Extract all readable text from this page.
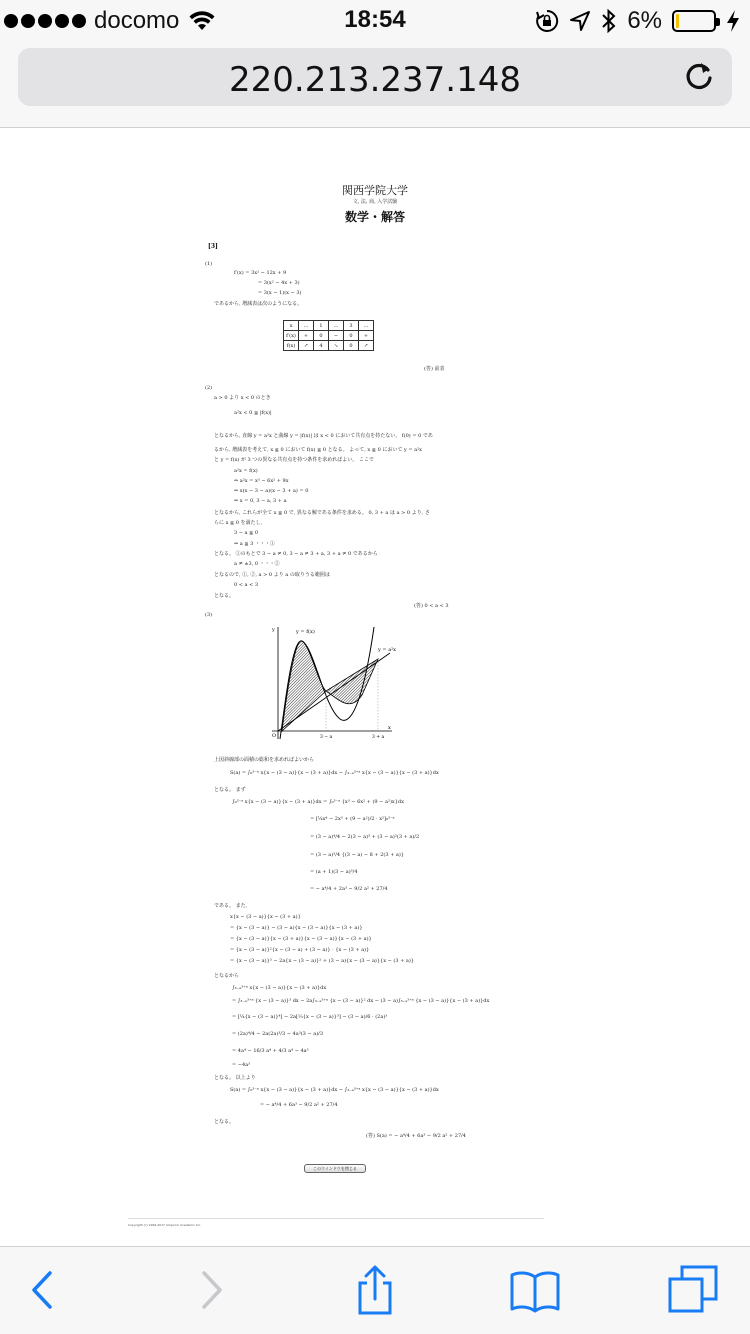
docomo	18:54	6%
220.213.237.148
関西学院大学
文, 法, 商, 入学試験
数学・解答
[3]
(1)
f′(x) = 3x² − 12x + 9
= 3(x² − 4x + 3)
= 3(x − 1)(x − 3)
であるから, 増減表は次のようになる。
x	…	1	…	3	…
f′(x)	+	0	−	0	+
f(x)	↗	4	↘	0	↗
(答) 前表
(2)
a > 0 より x < 0 のとき
a²x < 0 ≦ |f(x)|
となるから, 直線 y = a²x と曲線 y = |f(x)| は x < 0 において共有点を持たない。 f(0) = 0 であ
るから, 増減表を考えて, x ≧ 0 において f(x) ≧ 0 となる。 よって, x ≧ 0 において y = a²x
と y = f(x) が 3 つの異なる共有点を持つ条件を求めればよい。 ここで
a²x = f(x)
⇔ a²x = x³ − 6x² + 9x
⇔ x(x − 3 − a)(x − 3 + a) = 0
⇔ x = 0, 3 − a, 3 + a
となるから, これらが全て x ≧ 0 で, 異なる解である条件を求める。 0, 3 + a は a > 0 より, さ
らに x ≧ 0 を満たし,
3 − a ≧ 0
⇔ a ≦ 3 ・・・①
となる。 ①のもとで 3 − a ≠ 0, 3 − a ≠ 3 + a, 3 + a ≠ 0 であるから
a ≠ ±3, 0 ・・・②
となるので, ①, ②, a > 0 より a の取りうる範囲は
0 < a < 3
となる。
(答) 0 < a < 3
(3)
y = f(x)
y = a²x
3 − a	3 + a
y
x
O
上図斜線部の面積の総和を求めればよいから
S(a) = ∫₀³⁻ᵃ x{x − (3 − a)}{x − (3 + a)}dx − ∫₃₋ₐ³⁺ᵃ x{x − (3 − a)}{x − (3 + a)}dx
となる。 まず
∫₀³⁻ᵃ x{x − (3 − a)}{x − (3 + a)}dx = ∫₀³⁻ᵃ {x³ − 6x² + (9 − a²)x}dx
= [¼x⁴ − 2x³ + (9 − a²)/2 · x²]₀³⁻ᵃ
= (3 − a)⁴/4 − 2(3 − a)³ + (3 − a)²(3 + a)/2
= (3 − a)³/4 {(3 − a) − 8 + 2(3 + a)}
= (a + 1)(3 − a)³/4
= − a⁴/4 + 2a³ − 9/2 a² + 27/4
である。 また,
x{x − (3 − a)}{x − (3 + a)}
= {x − (3 − a)} − (3 − a){x − (3 − a)}{x − (3 + a)}
= {x − (3 − a)}{x − (3 + a)}{x − (3 − a)}{x − (3 + a)}
= {x − (3 − a)}²{x − (3 − a) + (3 − a)} · {x − (3 + a)}
= {x − (3 − a)}³ − 2a{x − (3 − a)}² + (3 − a){x − (3 − a)}{x − (3 + a)}
となるから
∫₃₋ₐ³⁺ᵃ x{x − (3 − a)}{x − (3 + a)}dx
= ∫₃₋ₐ³⁺ᵃ {x − (3 − a)}³ dx − 2a∫₃₋ₐ³⁺ᵃ {x − (3 − a)}² dx − (3 − a)∫₃₋ₐ³⁺ᵃ {x − (3 − a)}{x − (3 + a)}dx
= [¼{x − (3 − a)}⁴] − 2a[⅓{x − (3 − a)}³] − (3 − a)/6 · (2a)³
= (2a)⁴/4 − 2a(2a)³/3 − 4a³(3 − a)/3
= 4a⁴ − 16/3 a⁴ + 4/3 a⁴ − 4a³
= −4a³
となる。 以上より
S(a) = ∫₀³⁻ᵃ x{x − (3 − a)}{x − (3 + a)}dx − ∫₃₋ₐ³⁺ᵃ x{x − (3 − a)}{x − (3 + a)}dx
= − a⁴/4 + 6a³ − 9/2 a² + 27/4
となる。
(答) S(a) = − a⁴/4 + 6a³ − 9/2 a² + 27/4
このウインドウを閉じる
Copyright (c) 1999-2017 Ampcom Academic Inc.
